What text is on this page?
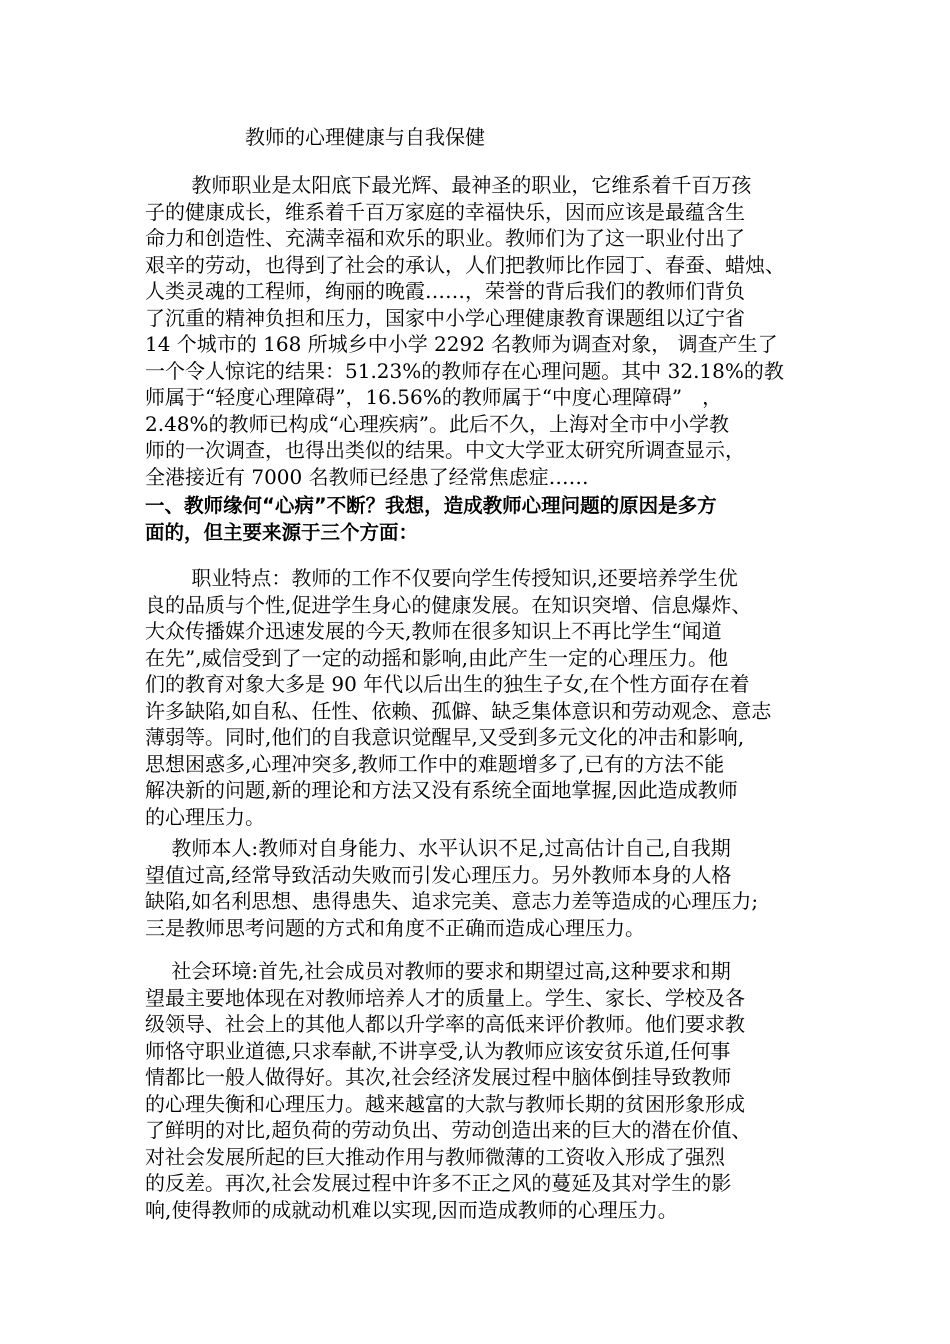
教师的心理健康与自我保健
　　 教师职业是太阳底下最光辉、最神圣的职业，它维系着千百万孩
子的健康成长，维系着千百万家庭的幸福快乐，因而应该是最蕴含生
命力和创造性、充满幸福和欢乐的职业。教师们为了这一职业付出了
艰辛的劳动，也得到了社会的承认，人们把教师比作园丁、春蚕、蜡烛、
人类灵魂的工程师，绚丽的晚霞……，荣誉的背后我们的教师们背负
了沉重的精神负担和压力，国家中小学心理健康教育课题组以辽宁省
14 个城市的 168 所城乡中小学 2292 名教师为调查对象， 调查产生了
一个令人惊诧的结果：51.23%的教师存在心理问题。其中 32.18%的教
师属于“轻度心理障碍”，16.56%的教师属于“中度心理障碍”　，
2.48%的教师已构成“心理疾病”。此后不久，上海对全市中小学教
师的一次调查，也得出类似的结果。中文大学亚太研究所调查显示，
全港接近有 7000 名教师已经患了经常焦虑症……
一、教师缘何“心病”不断？我想，造成教师心理问题的原因是多方
面的，但主要来源于三个方面：
　　 职业特点：教师的工作不仅要向学生传授知识,还要培养学生优
良的品质与个性,促进学生身心的健康发展。在知识突增、信息爆炸、
大众传播媒介迅速发展的今天,教师在很多知识上不再比学生“闻道
在先”,威信受到了一定的动摇和影响,由此产生一定的心理压力。他
们的教育对象大多是 90 年代以后出生的独生子女,在个性方面存在着
许多缺陷,如自私、任性、依赖、孤僻、缺乏集体意识和劳动观念、意志
薄弱等。同时,他们的自我意识觉醒早,又受到多元文化的冲击和影响,
思想困惑多,心理冲突多,教师工作中的难题增多了,已有的方法不能
解决新的问题,新的理论和方法又没有系统全面地掌握,因此造成教师
的心理压力。
　 教师本人:教师对自身能力、水平认识不足,过高估计自己,自我期
望值过高,经常导致活动失败而引发心理压力。另外教师本身的人格
缺陷,如名利思想、患得患失、追求完美、意志力差等造成的心理压力;
三是教师思考问题的方式和角度不正确而造成心理压力。
　 社会环境:首先,社会成员对教师的要求和期望过高,这种要求和期
望最主要地体现在对教师培养人才的质量上。学生、家长、学校及各
级领导、社会上的其他人都以升学率的高低来评价教师。他们要求教
师恪守职业道德,只求奉献,不讲享受,认为教师应该安贫乐道,任何事
情都比一般人做得好。其次,社会经济发展过程中脑体倒挂导致教师
的心理失衡和心理压力。越来越富的大款与教师长期的贫困形象形成
了鲜明的对比,超负荷的劳动负出、劳动创造出来的巨大的潜在价值、
对社会发展所起的巨大推动作用与教师微薄的工资收入形成了强烈
的反差。再次,社会发展过程中许多不正之风的蔓延及其对学生的影
响,使得教师的成就动机难以实现,因而造成教师的心理压力。
